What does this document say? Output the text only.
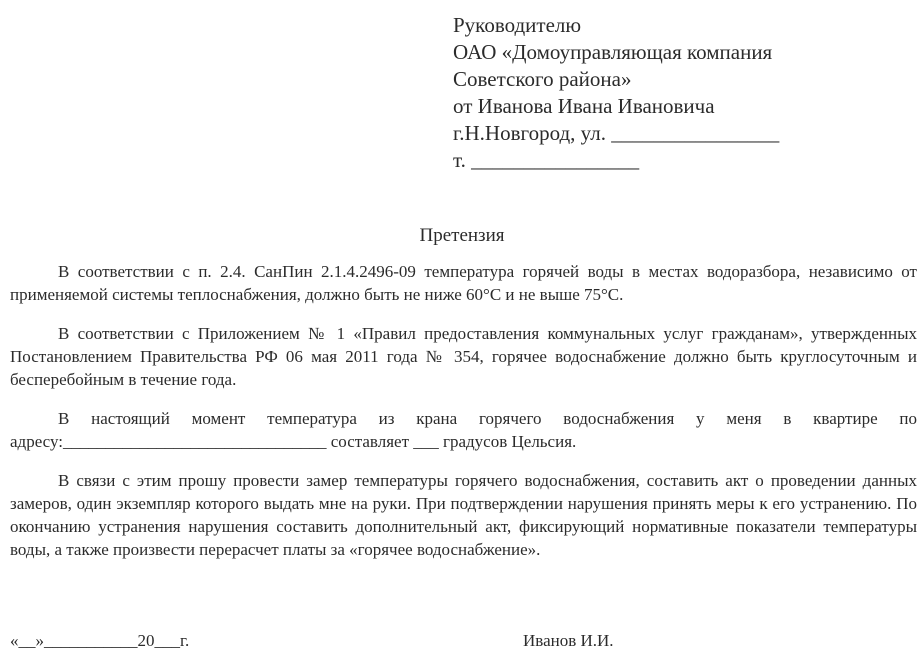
Руководителю
ОАО «Домоуправляющая компания
Советского района»
от Иванова Ивана Ивановича
г.Н.Новгород, ул. ________________
т. ________________
Претензия

В соответствии с п. 2.4. СанПин 2.1.4.2496-09 температура горячей воды в местах водоразбора, независимо от применяемой системы теплоснабжения, должно быть не ниже 60°С и не выше 75°С.

В соответствии с Приложением № 1 «Правил предоставления коммунальных услуг гражданам», утвержденных Постановлением Правительства РФ 06 мая 2011 года № 354, горячее водоснабжение должно быть круглосуточным и бесперебойным в течение года.

В настоящий момент температура из крана горячего водоснабжения у меня в квартире по адресу:_______________________________ составляет ___ градусов Цельсия.

В связи с этим прошу провести замер температуры горячего водоснабжения, составить акт о проведении данных замеров, один экземпляр которого выдать мне на руки. При подтверждении нарушения принять меры к его устранению. По окончанию устранения нарушения составить дополнительный акт, фиксирующий нормативные показатели температуры воды, а также произвести перерасчет платы за «горячее водоснабжение».

«__»___________20___г.	Иванов И.И.
